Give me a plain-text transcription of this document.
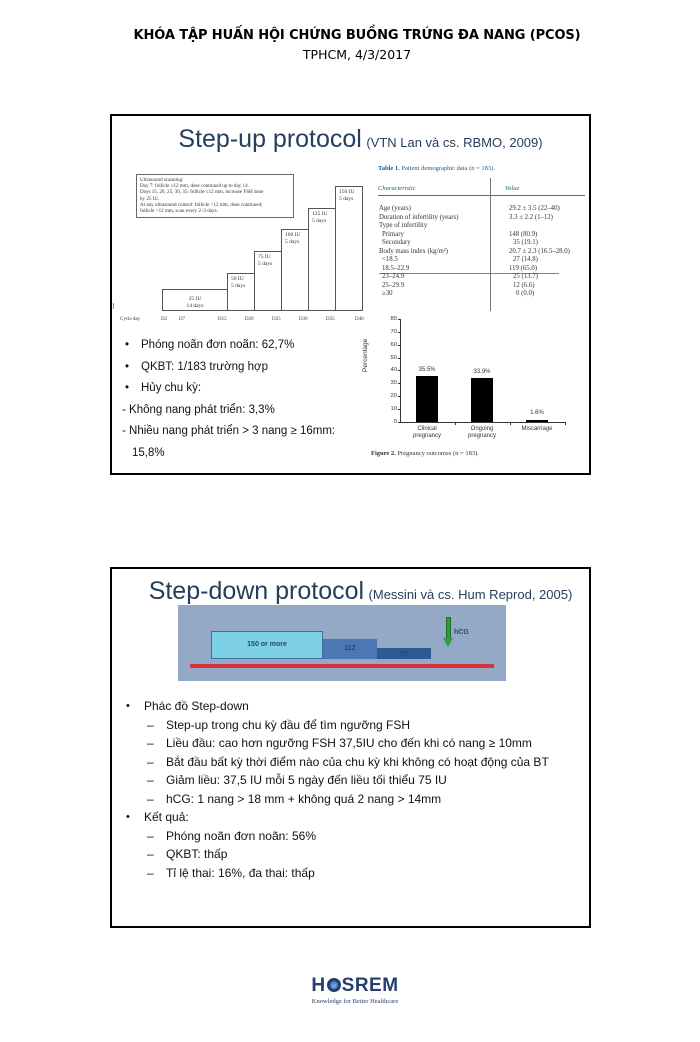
KHÓA TẬP HUẤN HỘI CHỨNG BUỒNG TRỨNG ĐA NANG (PCOS)
TPHCM, 4/3/2017
Step-up protocol (VTN Lan và cs. RBMO, 2009)
Ultrasound scanning:
Day 7: follicle ≤12 mm, dose continued up to day 14.
Days 15, 20, 25, 30, 35: follicle ≤12 mm, increase FSH dose
by 25 IU.
At any ultrasound control: follicle >12 mm, dose continued;
follicle >12 mm, scan every 2–3 days.
25 IU
14 days
50 IU
5 days
75 IU
5 days
100 IU
5 days
125 IU
5 days
150 IU
5 days
Cycle day	D2 D7	D15	D20	D25	D30	D35	D40
Table 1. Patient demographic data (n = 183).
Characteristic	Value
Age (years)	29.2 ± 3.5 (22–40)
Duration of infertility (years)	3.3 ± 2.2 (1–12)
Type of infertility
Primary	148 (80.9)
Secondary	35 (19.1)
Body mass index (kg/m²)	20.7 ± 2.3 (16.5–28.0)
<18.5	27 (14.8)
18.5–22.9	119 (65.0)
23–24.9	25 (13.7)
25–29.9	12 (6.6)
≥30	0 (0.0)
• Phóng noãn đơn noãn: 62,7%
• QKBT: 1/183 trường hợp
• Hủy chu kỳ:
- Không nang phát triển: 3,3%
- Nhiều nang phát triển > 3 nang ≥ 16mm:
15,8%
Percentage
80
70
60
50
40
30
20
10
0
35.5%	33.9%
1.6%
Clinical
pregnancy
Ongoing
pregnancy
Miscarriage
Figure 2. Pregnancy outcomes (n = 183).
Step-down protocol (Messini và cs. Hum Reprod, 2005)
150 or more
112
75
hCG
• Phác đồ Step-down
– Step-up trong chu kỳ đầu để tìm ngưỡng FSH
– Liều đầu: cao hơn ngưỡng FSH 37,5IU cho đến khi có nang ≥ 10mm
– Bắt đầu bất kỳ thời điểm nào của chu kỳ khi không có hoạt động của BT
– Giảm liều: 37,5 IU mỗi 5 ngày đến liều tối thiểu 75 IU
– hCG: 1 nang > 18 mm + không quá 2 nang > 14mm
• Kết quả:
– Phóng noãn đơn noãn: 56%
– QKBT: thấp
– Tỉ lệ thai: 16%, đa thai: thấp
H SREM
Knowledge for Better Healthcare
